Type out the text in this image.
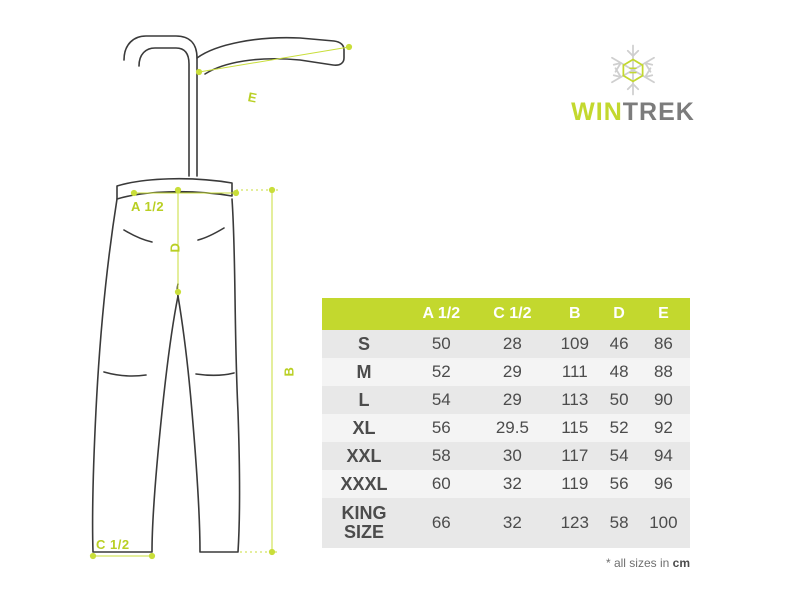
E
A 1/2
D
B
C 1/2
WINTREK
	A 1/2	C 1/2	B	D	E
S	50	28	109	46	86
M	52	29	111	48	88
L	54	29	113	50	90
XL	56	29.5	115	52	92
XXL	58	30	117	54	94
XXXL	60	32	119	56	96

KING
SIZE	66	32	123	58	100
* all sizes in cm
